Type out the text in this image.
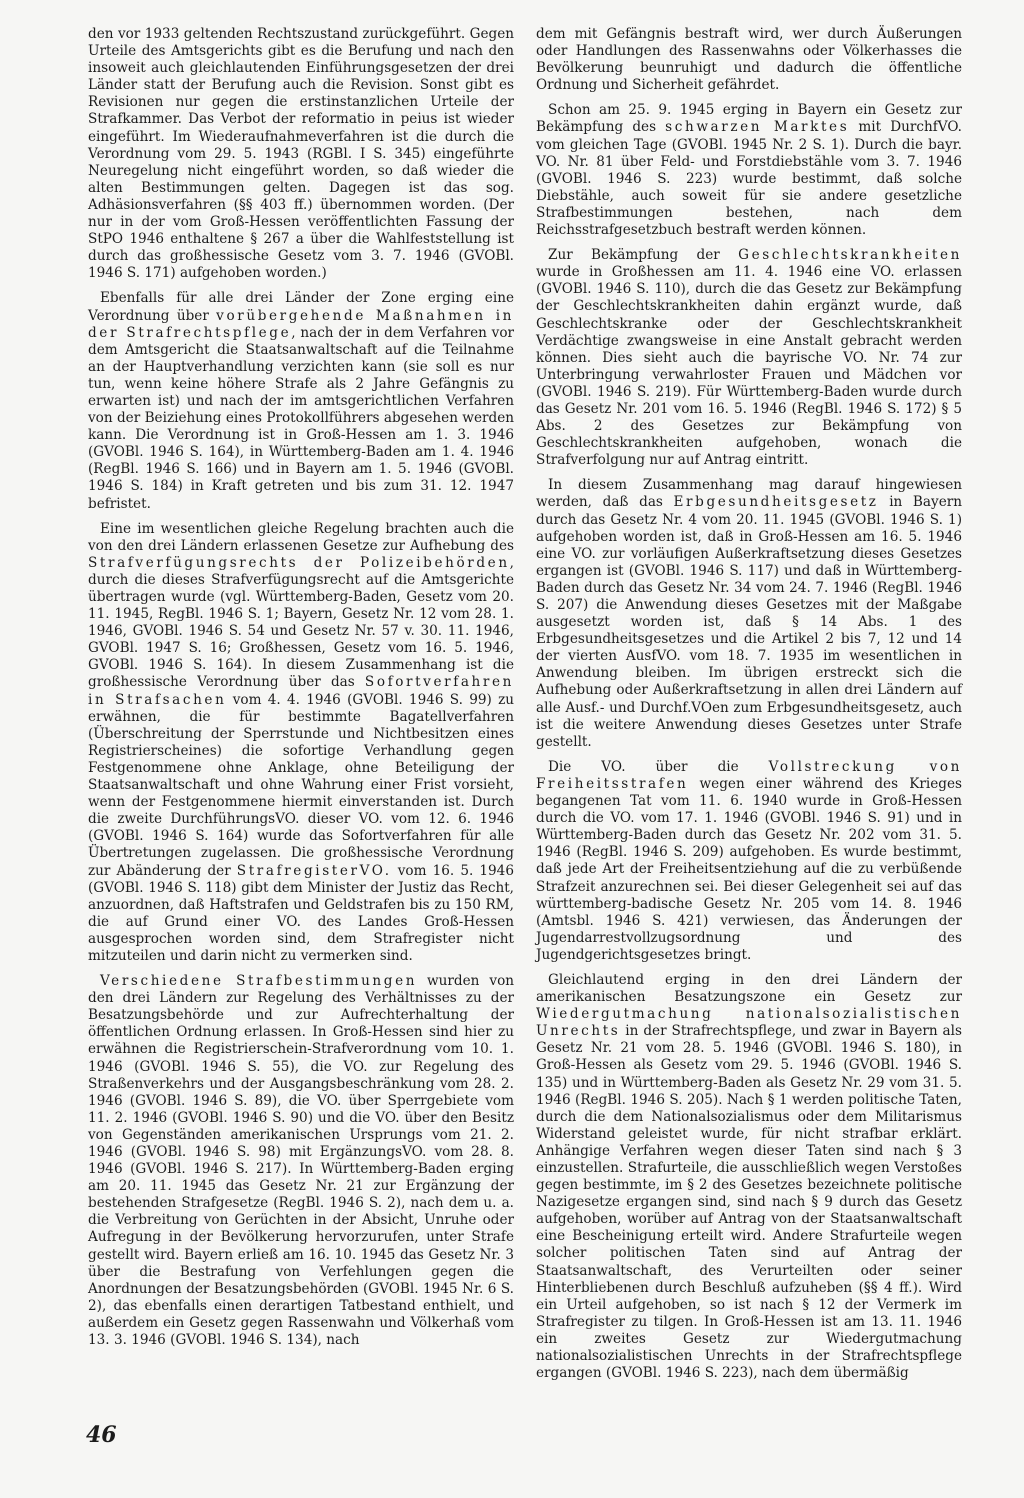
den vor 1933 geltenden Rechtszustand zurückgeführt. Gegen Urteile des Amtsgerichts gibt es die Berufung und nach den insoweit auch gleichlautenden Einführungsgesetzen der drei Länder statt der Berufung auch die Revision. Sonst gibt es Revisionen nur gegen die erstinstanzlichen Urteile der Strafkammer. Das Verbot der reformatio in peius ist wieder eingeführt. Im Wiederaufnahmeverfahren ist die durch die Verordnung vom 29. 5. 1943 (RGBl. I S. 345) eingeführte Neuregelung nicht eingeführt worden, so daß wieder die alten Bestimmungen gelten. Dagegen ist das sog. Adhäsionsverfahren (§§ 403 ff.) übernommen worden. (Der nur in der vom Groß-Hessen veröffentlichten Fassung der StPO 1946 enthaltene § 267 a über die Wahlfeststellung ist durch das großhessische Gesetz vom 3. 7. 1946 (GVOBl. 1946 S. 171) aufgehoben worden.)

Ebenfalls für alle drei Länder der Zone erging eine Verordnung über vorübergehende Maßnahmen in der Strafrechtspflege, nach der in dem Verfahren vor dem Amtsgericht die Staatsanwaltschaft auf die Teilnahme an der Hauptverhandlung verzichten kann (sie soll es nur tun, wenn keine höhere Strafe als 2 Jahre Gefängnis zu erwarten ist) und nach der im amtsgerichtlichen Verfahren von der Beiziehung eines Protokollführers abgesehen werden kann. Die Verordnung ist in Groß-Hessen am 1. 3. 1946 (GVOBl. 1946 S. 164), in Württemberg-Baden am 1. 4. 1946 (RegBl. 1946 S. 166) und in Bayern am 1. 5. 1946 (GVOBl. 1946 S. 184) in Kraft getreten und bis zum 31. 12. 1947 befristet.

Eine im wesentlichen gleiche Regelung brachten auch die von den drei Ländern erlassenen Gesetze zur Aufhebung des Strafverfügungsrechts der Polizeibehörden, durch die dieses Strafverfügungsrecht auf die Amtsgerichte übertragen wurde (vgl. Württemberg-Baden, Gesetz vom 20. 11. 1945, RegBl. 1946 S. 1; Bayern, Gesetz Nr. 12 vom 28. 1. 1946, GVOBl. 1946 S. 54 und Gesetz Nr. 57 v. 30. 11. 1946, GVOBl. 1947 S. 16; Großhessen, Gesetz vom 16. 5. 1946, GVOBl. 1946 S. 164). In diesem Zusammenhang ist die großhessische Verordnung über das Sofortverfahren in Strafsachen vom 4. 4. 1946 (GVOBl. 1946 S. 99) zu erwähnen, die für bestimmte Bagatellverfahren (Überschreitung der Sperrstunde und Nichtbesitzen eines Registrierscheines) die sofortige Verhandlung gegen Festgenommene ohne Anklage, ohne Beteiligung der Staatsanwaltschaft und ohne Wahrung einer Frist vorsieht, wenn der Festgenommene hiermit einverstanden ist. Durch die zweite DurchführungsVO. dieser VO. vom 12. 6. 1946 (GVOBl. 1946 S. 164) wurde das Sofortverfahren für alle Übertretungen zugelassen. Die großhessische Verordnung zur Abänderung der StrafregisterVO. vom 16. 5. 1946 (GVOBl. 1946 S. 118) gibt dem Minister der Justiz das Recht, anzuordnen, daß Haftstrafen und Geldstrafen bis zu 150 RM, die auf Grund einer VO. des Landes Groß-Hessen ausgesprochen worden sind, dem Strafregister nicht mitzuteilen und darin nicht zu vermerken sind.

Verschiedene Strafbestimmungen wurden von den drei Ländern zur Regelung des Verhältnisses zu der Besatzungsbehörde und zur Aufrechterhaltung der öffentlichen Ordnung erlassen. In Groß-Hessen sind hier zu erwähnen die Registrierschein-Strafverordnung vom 10. 1. 1946 (GVOBl. 1946 S. 55), die VO. zur Regelung des Straßenverkehrs und der Ausgangsbeschränkung vom 28. 2. 1946 (GVOBl. 1946 S. 89), die VO. über Sperrgebiete vom 11. 2. 1946 (GVOBl. 1946 S. 90) und die VO. über den Besitz von Gegenständen amerikanischen Ursprungs vom 21. 2. 1946 (GVOBl. 1946 S. 98) mit ErgänzungsVO. vom 28. 8. 1946 (GVOBl. 1946 S. 217). In Württemberg-Baden erging am 20. 11. 1945 das Gesetz Nr. 21 zur Ergänzung der bestehenden Strafgesetze (RegBl. 1946 S. 2), nach dem u. a. die Verbreitung von Gerüchten in der Absicht, Unruhe oder Aufregung in der Bevölkerung hervorzurufen, unter Strafe gestellt wird. Bayern erließ am 16. 10. 1945 das Gesetz Nr. 3 über die Bestrafung von Verfehlungen gegen die Anordnungen der Besatzungsbehörden (GVOBl. 1945 Nr. 6 S. 2), das ebenfalls einen derartigen Tatbestand enthielt, und außerdem ein Gesetz gegen Rassenwahn und Völkerhaß vom 13. 3. 1946 (GVOBl. 1946 S. 134), nach

dem mit Gefängnis bestraft wird, wer durch Äußerungen oder Handlungen des Rassenwahns oder Völkerhasses die Bevölkerung beunruhigt und dadurch die öffentliche Ordnung und Sicherheit gefährdet.

Schon am 25. 9. 1945 erging in Bayern ein Gesetz zur Bekämpfung des schwarzen Marktes mit DurchfVO. vom gleichen Tage (GVOBl. 1945 Nr. 2 S. 1). Durch die bayr. VO. Nr. 81 über Feld- und Forstdiebstähle vom 3. 7. 1946 (GVOBl. 1946 S. 223) wurde bestimmt, daß solche Diebstähle, auch soweit für sie andere gesetzliche Strafbestimmungen bestehen, nach dem Reichsstrafgesetzbuch bestraft werden können.

Zur Bekämpfung der Geschlechtskrankheiten wurde in Großhessen am 11. 4. 1946 eine VO. erlassen (GVOBl. 1946 S. 110), durch die das Gesetz zur Bekämpfung der Geschlechtskrankheiten dahin ergänzt wurde, daß Geschlechtskranke oder der Geschlechtskrankheit Verdächtige zwangsweise in eine Anstalt gebracht werden können. Dies sieht auch die bayrische VO. Nr. 74 zur Unterbringung verwahrloster Frauen und Mädchen vor (GVOBl. 1946 S. 219). Für Württemberg-Baden wurde durch das Gesetz Nr. 201 vom 16. 5. 1946 (RegBl. 1946 S. 172) § 5 Abs. 2 des Gesetzes zur Bekämpfung von Geschlechtskrankheiten aufgehoben, wonach die Strafverfolgung nur auf Antrag eintritt.

In diesem Zusammenhang mag darauf hingewiesen werden, daß das Erbgesundheitsgesetz in Bayern durch das Gesetz Nr. 4 vom 20. 11. 1945 (GVOBl. 1946 S. 1) aufgehoben worden ist, daß in Groß-Hessen am 16. 5. 1946 eine VO. zur vorläufigen Außerkraftsetzung dieses Gesetzes ergangen ist (GVOBl. 1946 S. 117) und daß in Württemberg-Baden durch das Gesetz Nr. 34 vom 24. 7. 1946 (RegBl. 1946 S. 207) die Anwendung dieses Gesetzes mit der Maßgabe ausgesetzt worden ist, daß § 14 Abs. 1 des Erbgesundheitsgesetzes und die Artikel 2 bis 7, 12 und 14 der vierten AusfVO. vom 18. 7. 1935 im wesentlichen in Anwendung bleiben. Im übrigen erstreckt sich die Aufhebung oder Außerkraftsetzung in allen drei Ländern auf alle Ausf.- und Durchf.VOen zum Erbgesundheitsgesetz, auch ist die weitere Anwendung dieses Gesetzes unter Strafe gestellt.

Die VO. über die Vollstreckung von Freiheitsstrafen wegen einer während des Krieges begangenen Tat vom 11. 6. 1940 wurde in Groß-Hessen durch die VO. vom 17. 1. 1946 (GVOBl. 1946 S. 91) und in Württemberg-Baden durch das Gesetz Nr. 202 vom 31. 5. 1946 (RegBl. 1946 S. 209) aufgehoben. Es wurde bestimmt, daß jede Art der Freiheitsentziehung auf die zu verbüßende Strafzeit anzurechnen sei. Bei dieser Gelegenheit sei auf das württemberg-badische Gesetz Nr. 205 vom 14. 8. 1946 (Amtsbl. 1946 S. 421) verwiesen, das Änderungen der Jugendarrestvollzugsordnung und des Jugendgerichtsgesetzes bringt.

Gleichlautend erging in den drei Ländern der amerikanischen Besatzungszone ein Gesetz zur Wiedergutmachung nationalsozialistischen Unrechts in der Strafrechtspflege, und zwar in Bayern als Gesetz Nr. 21 vom 28. 5. 1946 (GVOBl. 1946 S. 180), in Groß-Hessen als Gesetz vom 29. 5. 1946 (GVOBl. 1946 S. 135) und in Württemberg-Baden als Gesetz Nr. 29 vom 31. 5. 1946 (RegBl. 1946 S. 205). Nach § 1 werden politische Taten, durch die dem Nationalsozialismus oder dem Militarismus Widerstand geleistet wurde, für nicht strafbar erklärt. Anhängige Verfahren wegen dieser Taten sind nach § 3 einzustellen. Strafurteile, die ausschließlich wegen Verstoßes gegen bestimmte, im § 2 des Gesetzes bezeichnete politische Nazigesetze ergangen sind, sind nach § 9 durch das Gesetz aufgehoben, worüber auf Antrag von der Staatsanwaltschaft eine Bescheinigung erteilt wird. Andere Strafurteile wegen solcher politischen Taten sind auf Antrag der Staatsanwaltschaft, des Verurteilten oder seiner Hinterbliebenen durch Beschluß aufzuheben (§§ 4 ff.). Wird ein Urteil aufgehoben, so ist nach § 12 der Vermerk im Strafregister zu tilgen. In Groß-Hessen ist am 13. 11. 1946 ein zweites Gesetz zur Wiedergutmachung nationalsozialistischen Unrechts in der Strafrechtspflege ergangen (GVOBl. 1946 S. 223), nach dem übermäßig

46
